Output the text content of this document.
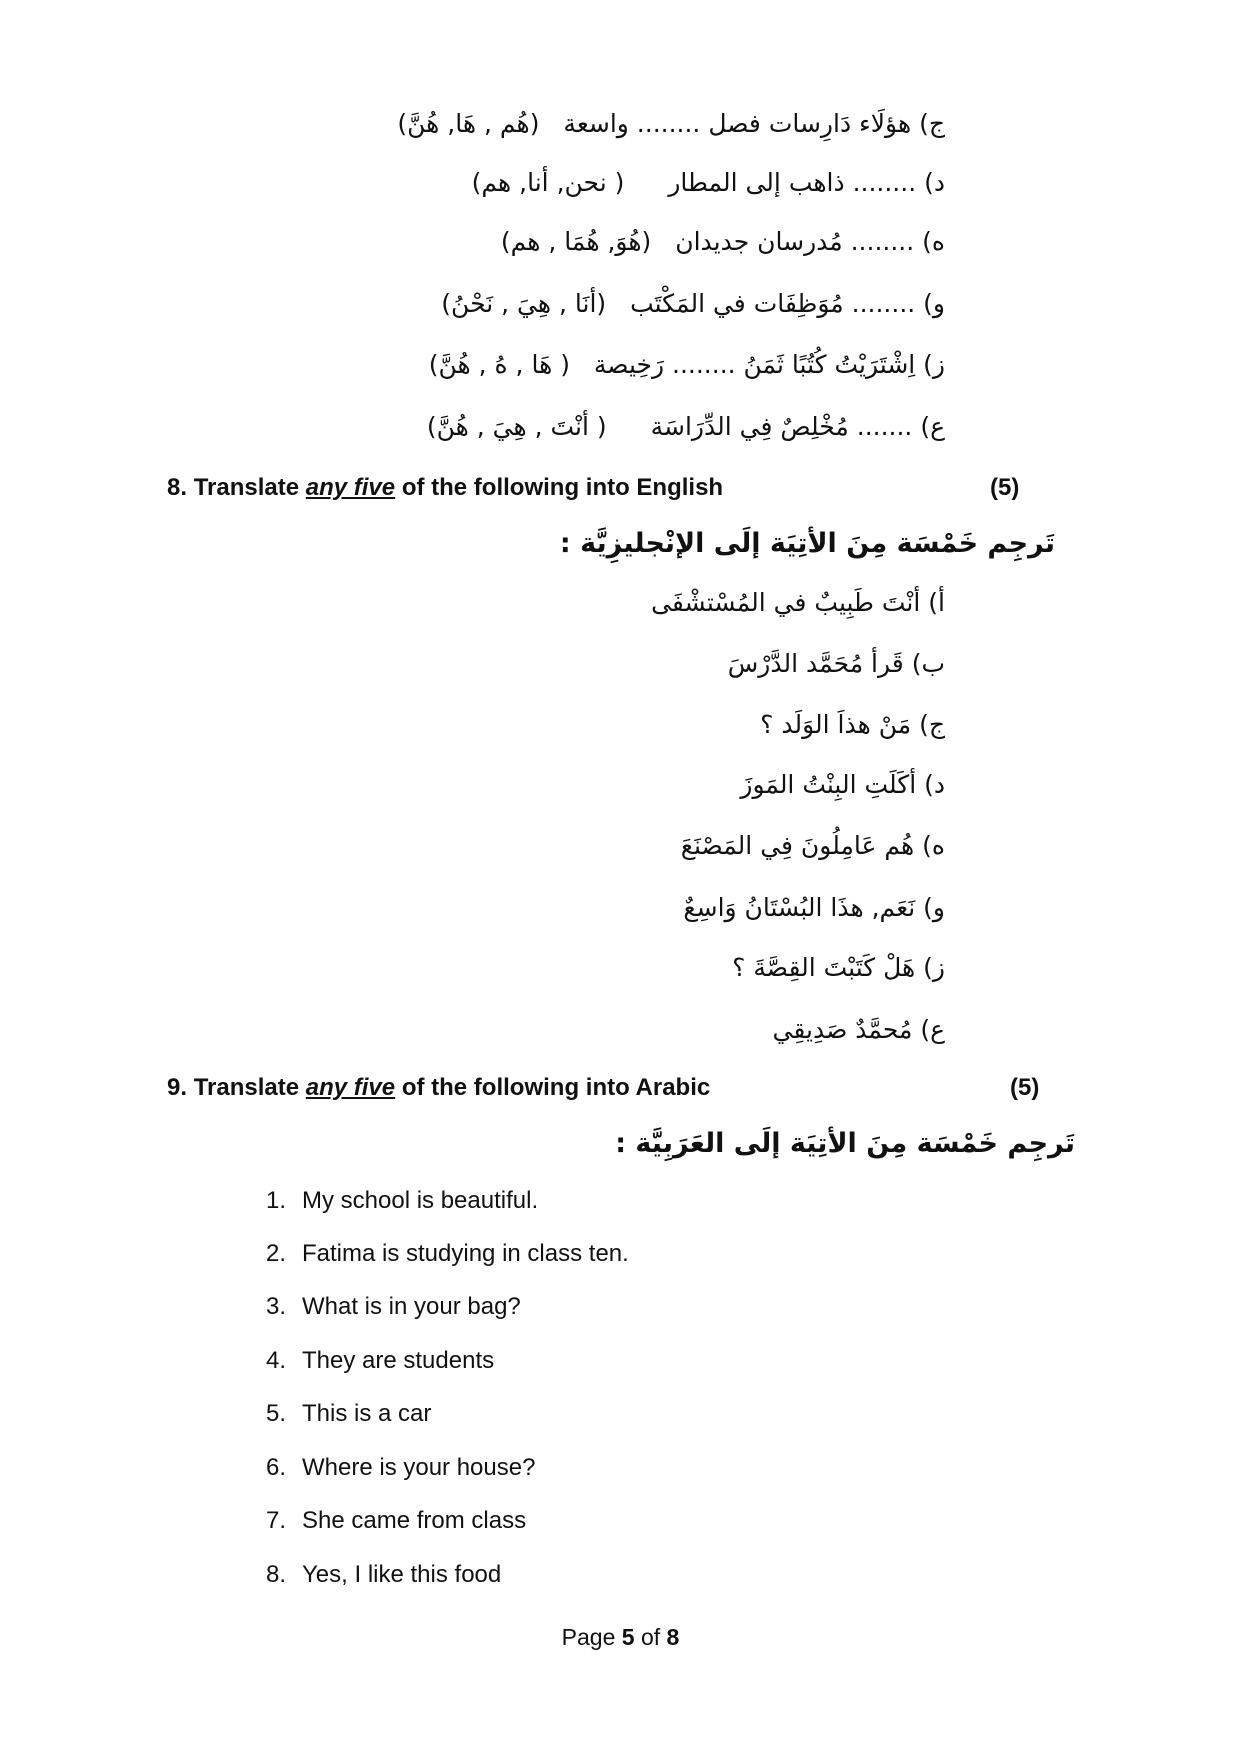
ج) هؤلَاء دَارِسات فصل ........ واسعة (هُم , هَا, هُنَّ)
د) ........ ذاهب إلى المطار ( نحن, أنا, هم)
ه) ........ مُدرسان جديدان (هُوَ, هُمَا , هم)
و) ........ مُوَظِفَات في المَكْتَب (أنَا , هِيَ , نَحْنُ)
ز) اِشْتَرَيْتُ كُتُبًا ثَمَنُ ........ رَخِيصة ( هَا , هُ , هُنَّ)
ع) ....... مُخْلِصٌ فِي الدِّرَاسَة ( أنْتَ , هِيَ , هُنَّ)
8. Translate any five of the following into English	(5)
تَرجِم خَمْسَة مِنَ الأتِيَة إلَى الإنْجليزِيَّة :
أ) أنْتَ طَبِيبٌ في المُسْتشْفَى
ب) قَرأ مُحَمَّد الدَّرْسَ
ج) مَنْ هذاَ الوَلَد ؟
د) أكَلَتِ البِنْتُ المَوزَ
ه) هُم عَامِلُونَ فِي المَصْنَعَ
و) نَعَم, هذَا البُسْتَانُ وَاسِعٌ
ز) هَلْ كَتَبْتَ القِصَّةَ ؟
ع) مُحمَّدٌ صَدِيقِي
9. Translate any five of the following into Arabic	(5)
تَرجِم خَمْسَة مِنَ الأتِيَة إلَى العَرَبِيَّة :
1. My school is beautiful.
2. Fatima is studying in class ten.
3. What is in your bag?
4. They are students
5. This is a car
6. Where is your house?
7. She came from class
8. Yes, I like this food
Page 5 of 8
